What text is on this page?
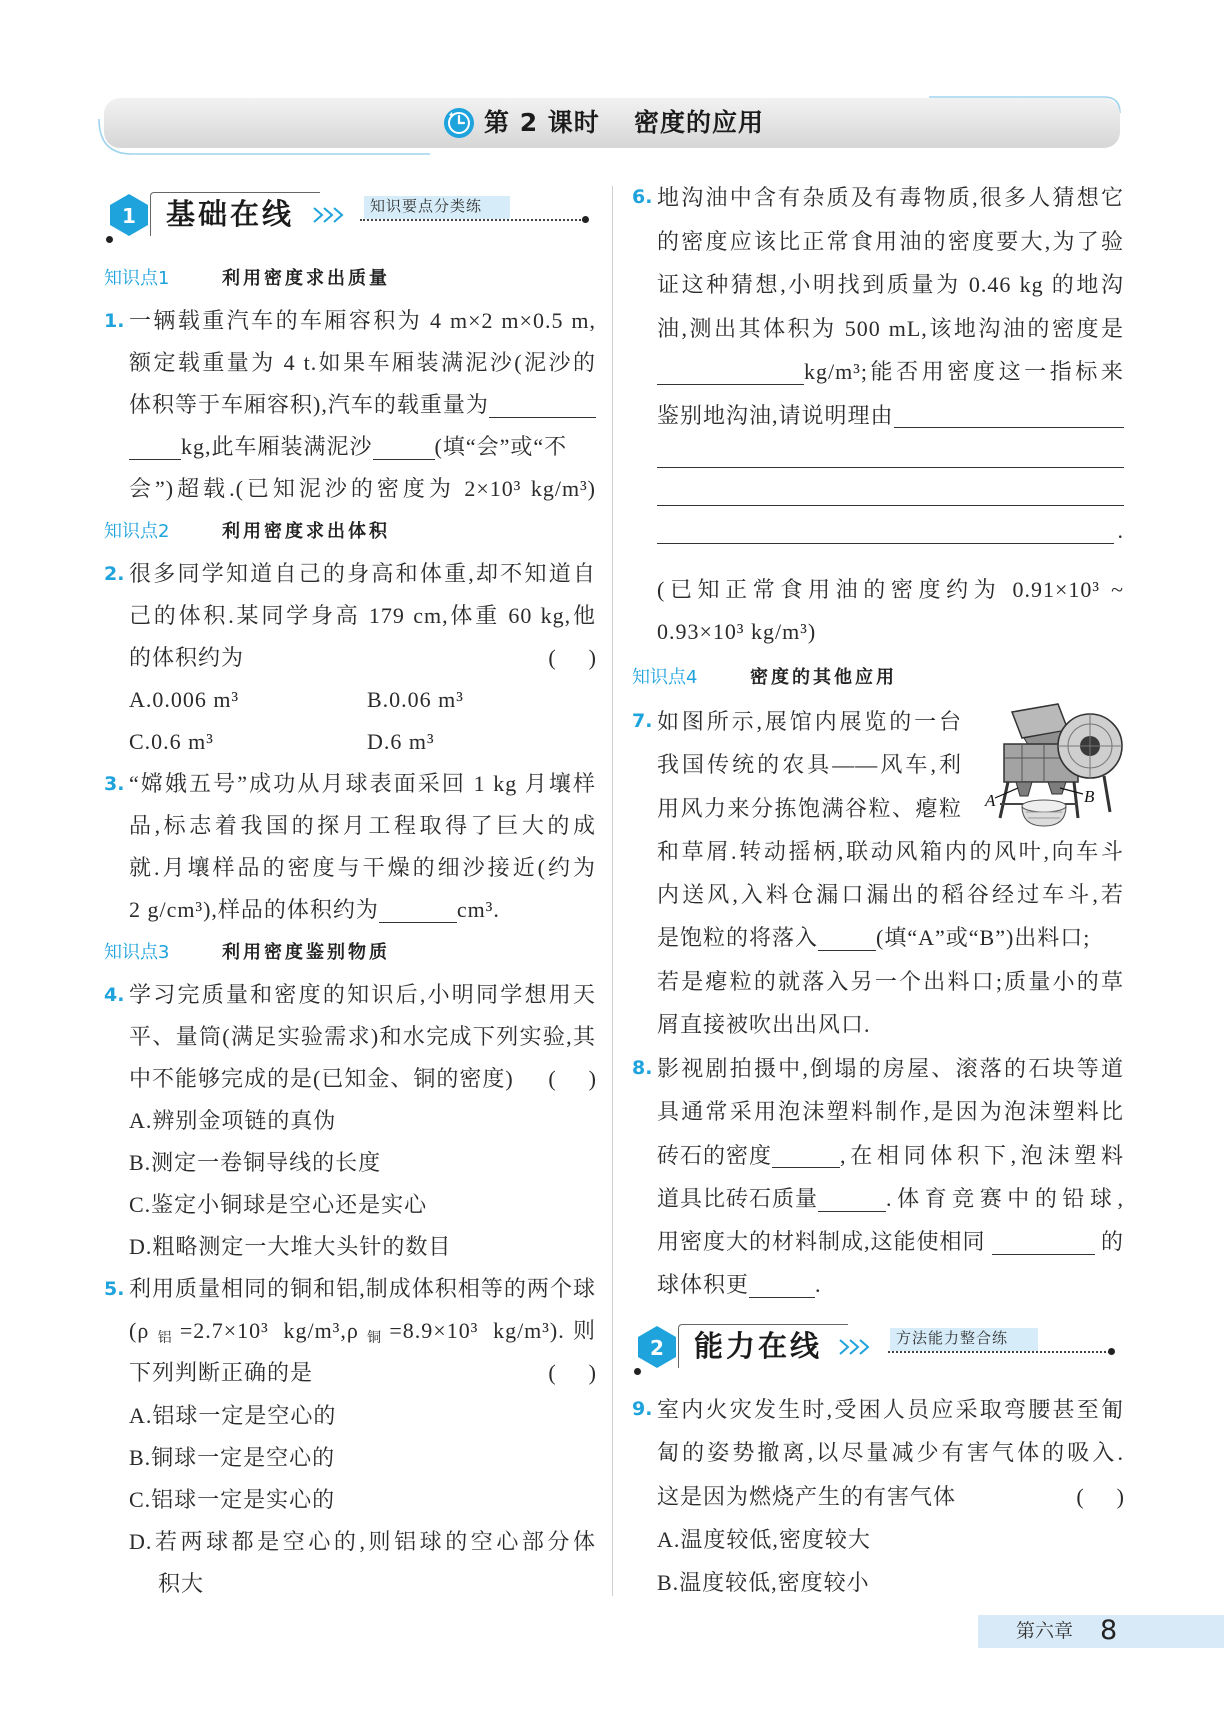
第 2 课时 密度的应用
1 基础在线	知识要点分类练
知识点1	利用密度求出质量
1. 一辆载重汽车的车厢容积为 4 m×2 m×0.5 m,
额定载重量为 4 t.如果车厢装满泥沙(泥沙的
体积等于车厢容积),汽车的载重量为
kg,此车厢装满泥沙	(填“会”或“不
会”)超载.(已知泥沙的密度为 2×10³ kg/m³)
知识点2	利用密度求出体积
2. 很多同学知道自己的身高和体重,却不知道自
己的体积.某同学身高 179 cm,体重 60 kg,他
的体积约为	(      )
A.0.006 m³	B.0.06 m³
C.0.6 m³	D.6 m³
3. “嫦娥五号”成功从月球表面采回 1 kg 月壤样
品,标志着我国的探月工程取得了巨大的成
就.月壤样品的密度与干燥的细沙接近(约为
2 g/cm³),样品的体积约为	cm³.
知识点3	利用密度鉴别物质
4. 学习完质量和密度的知识后,小明同学想用天
平、量筒(满足实验需求)和水完成下列实验,其
中不能够完成的是(已知金、铜的密度) (      )
A.辨别金项链的真伪
B.测定一卷铜导线的长度
C.鉴定小铜球是空心还是实心
D.粗略测定一大堆大头针的数目
5. 利用质量相同的铜和铝,制成体积相等的两个球
($\rho_铝=2.7\times 10^3$ $kg/m^3,\rho_铜=8.9\times 10^3$ kg/m³).则
下列判断正确的是	(      )
A.铝球一定是空心的
B.铜球一定是空心的
C.铝球一定是实心的
D.若两球都是空心的,则铝球的空心部分体
积大
6. 地沟油中含有杂质及有毒物质,很多人猜想它
的密度应该比正常食用油的密度要大,为了验
证这种猜想,小明找到质量为 0.46 kg 的地沟
油,测出其体积为 500 mL,该地沟油的密度是
kg/m³;能否用密度这一指标来
鉴别地沟油,请说明理由
.
(已知正常食用油的密度约为 0.91×10³ ~
0.93×10³ kg/m³)
知识点4	密度的其他应用
7. 如图所示,展馆内展览的一台
我国传统的农具——风车,利
用风力来分拣饱满谷粒、瘪粒
和草屑.转动摇柄,联动风箱内的风叶,向车斗
内送风,入料仓漏口漏出的稻谷经过车斗,若
是饱粒的将落入	(填“A”或“B”)出料口;
若是瘪粒的就落入另一个出料口;质量小的草
屑直接被吹出出风口.
A	B
8. 影视剧拍摄中,倒塌的房屋、滚落的石块等道
具通常采用泡沫塑料制作,是因为泡沫塑料比
砖石的密度	,在相同体积下,泡沫塑料
道具比砖石质量	.体育竞赛中的铅球,
用密度大的材料制成,这能使相同	的
球体积更	.
2 能力在线	方法能力整合练
9. 室内火灾发生时,受困人员应采取弯腰甚至匍
匐的姿势撤离,以尽量减少有害气体的吸入.
这是因为燃烧产生的有害气体	(      )
A.温度较低,密度较大
B.温度较低,密度较小
第六章 8
